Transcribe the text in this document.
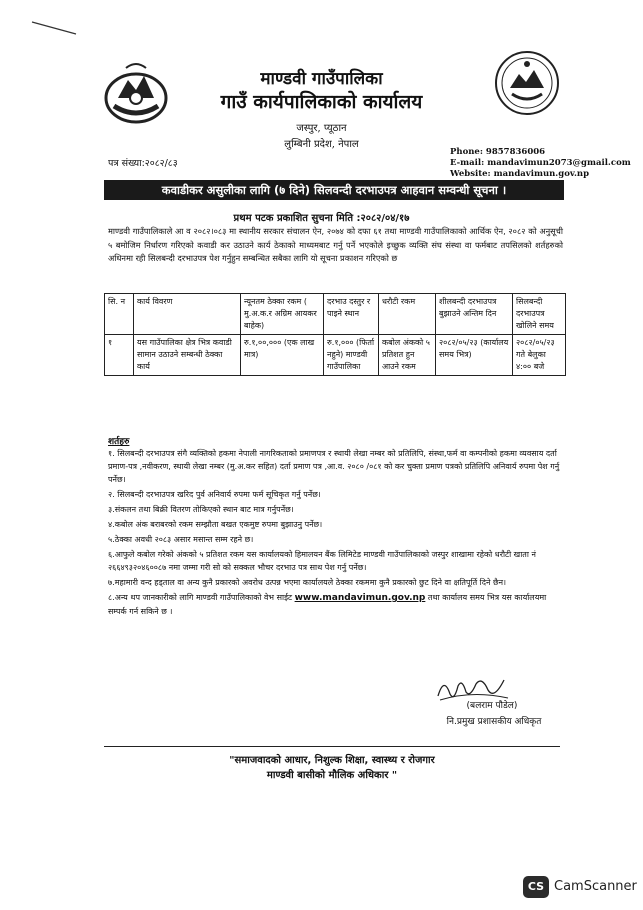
माण्डवी गाउँपालिका
गाउँ कार्यपालिकाको कार्यालय
जस्पुर, प्यूठान
लुम्बिनी प्रदेश, नेपाल
Phone: 9857836006
E-mail: mandavimun2073@gmail.com
Website: mandavimun.gov.np
पत्र संख्या:२०८२/८३
कवाडीकर असुलीका लागि (७ दिने) सिलवन्दी दरभाउपत्र आहवान सम्वन्धी सूचना ।
प्रथम पटक प्रकाशित सुचना मिति :२०८२/०४/१७
माण्डवी गाउँपालिकाले आ व २०८२।०८३ मा स्थानीय सरकार संचालन ऐन, २०७४ को दफा ६१ तथा माण्डवी गाउँपालिकाको आर्थिक ऐन, २०८२ को अनुसूची ५ बमोजिम निर्धारण गरिएको कवाडी कर उठाउने कार्य ठेकाको माध्यमबाट गर्नु पर्ने भएकोले इच्छुक व्यक्ति संघ संस्था वा फर्मबाट तपसिलको शर्तहरुको अधिनमा रही सिलबन्दी दरभाउपत्र पेश गर्नुहुन सम्बन्धित सबैका लागि यो सूचना प्रकाशन गरिएको छ
सि. न	कार्य विवरण	न्यूनतम ठेक्का रकम ( मु.अ.क.र अग्रिम आयकर बाहेक)	दरभाउ दस्तुर र पाइने स्थान	धरौटी रकम	शीलबन्दी दरभाउपत्र बुझाउने अन्तिम दिन	सिलबन्दी दरभाउपत्र खोलिने समय
१	यस गाउँपालिका क्षेत्र भित्र कवाडी सामान उठाउने सम्बन्धी ठेक्का कार्य	रु.१,००,००० (एक लाख मात्र)	रु.१,००० (फिर्ता नहुने) माण्डवी गाउँपालिका	कबोल अंकको ५ प्रतिशत हुन आउने रकम	२०८२/०५/२३ (कार्यालय समय भित्र)	२०८२/०५/२३ गते बेलुका ४:०० बजे
शर्तहरु

१. सिलबन्दी दरभाउपत्र संगै व्यक्तिको हकमा नेपाली नागरिकताको प्रमाणपत्र र स्थायी लेखा नम्बर को प्रतिलिपि, संस्था,फर्म वा कम्पनीको हकमा व्यवसाय दर्ता प्रमाण-पत्र ,नवीकरण, स्थायी लेखा नम्बर (मु.अ.कर सहित) दर्ता प्रमाण पत्र ,आ.व. २०८० /०८१ को कर चुक्ता प्रमाण पत्रको प्रतिलिपि अनिवार्य रुपमा पेश गर्नु पर्नेछ।

२. सिलबन्दी दरभाउपत्र खरिद पुर्व अनिवार्य रुपमा फर्म सूचिकृत गर्नु पर्नेछ।

३.संकलन तथा बिक्री वितरण तोकिएको स्थान बाट मात्र गर्नुपर्नेछ।

४.कबोल अंक बराबरको रकम सम्झौता बखत एकमुष्ट रुपमा बुझाउनु पर्नेछ।

५.ठेक्का अवधी २०८३ असार मसान्त सम्म रहने छ।

६.आफुले कबोल गरेको अंकको ५ प्रतिशत रकम यस कार्यालयको हिमालयन बैंक लिमिटेड माण्डवी गाउँपालिकाको जस्पुर शाखामा रहेको धरौटी खाता नं २६६४९३२०४६००८७ नमा जम्मा गरी सो को सक्कल भौचर दरभाउ पत्र साथ पेश गर्नु पर्नेछ।

७.महामारी वन्द हड्ताल वा अन्य कुनै प्रकारको अवरोध उत्पन्न भएमा कार्यालयले ठेक्का रकममा कुनै प्रकारको छुट दिने वा क्षतिपूर्ति दिने छैन।

८.अन्य थप जानकारीको लागि माण्डवी गाउँपालिकाको वेभ साईट www.mandavimun.gov.np तथा कार्यालय समय भित्र यस कार्यालयमा सम्पर्क गर्न सकिने छ ।

(बलराम पौडेल)
नि.प्रमुख प्रशासकीय अधिकृत
"समाजवादको आधार, निशुल्क शिक्षा, स्वास्थ्य र रोजगार
माण्डवी बासीको मौलिक अधिकार "
CS CamScanner
